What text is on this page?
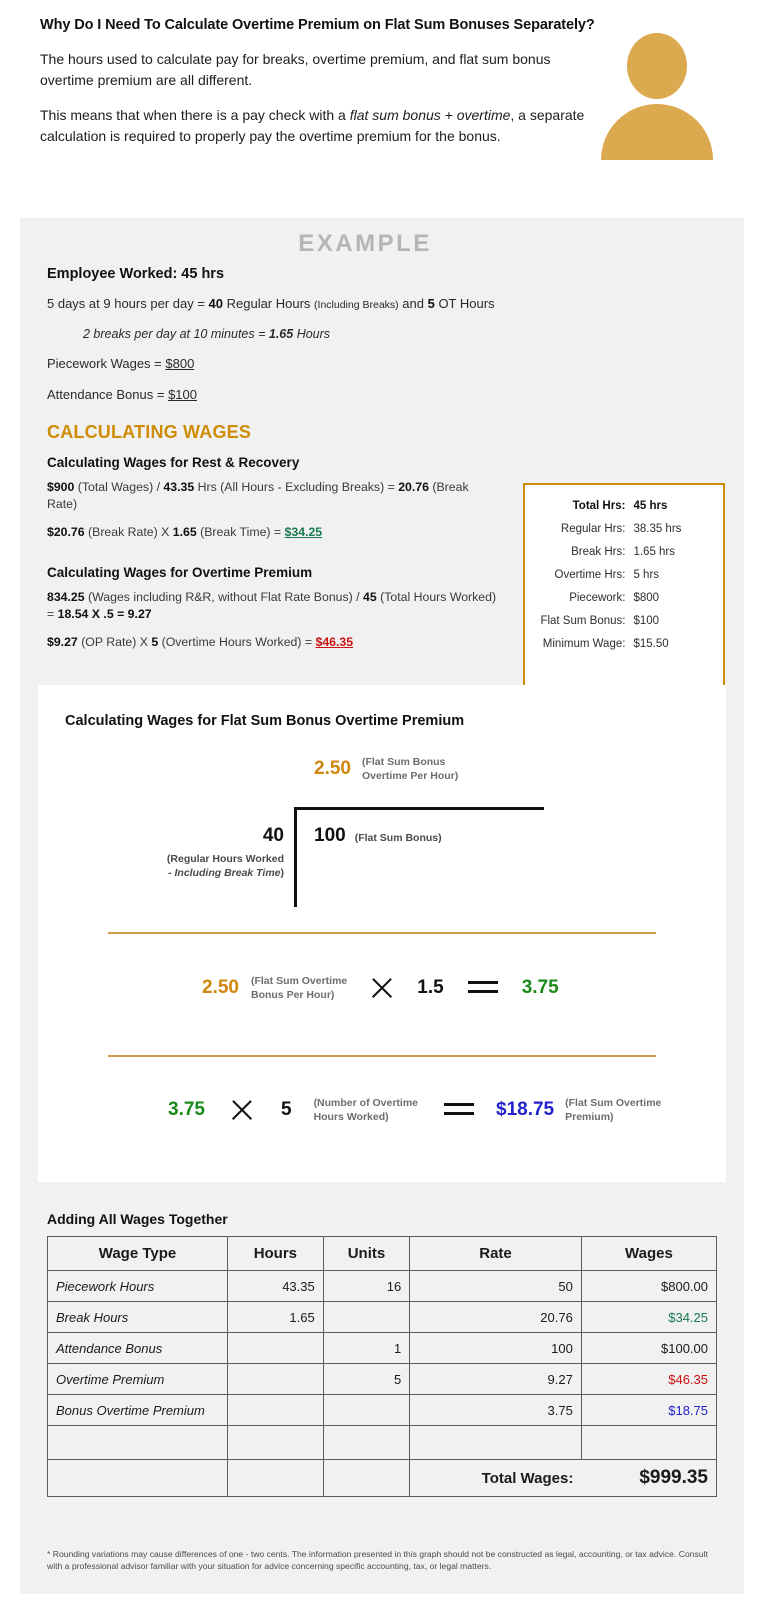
Why Do I Need To Calculate Overtime Premium on Flat Sum Bonuses Separately?

The hours used to calculate pay for breaks, overtime premium, and flat sum bonus overtime premium are all different.

This means that when there is a pay check with a flat sum bonus + overtime, a separate calculation is required to properly pay the overtime premium for the bonus.

EXAMPLE
Employee Worked: 45 hrs

5 days at 9 hours per day = 40 Regular Hours (Including Breaks) and 5 OT Hours

2 breaks per day at 10 minutes = 1.65 Hours

Piecework Wages = $800

Attendance Bonus = $100

CALCULATING WAGES
Calculating Wages for Rest & Recovery

$900 (Total Wages) / 43.35 Hrs (All Hours - Excluding Breaks) = 20.76 (Break Rate)

$20.76 (Break Rate) X 1.65 (Break Time) = $34.25

Calculating Wages for Overtime Premium

834.25 (Wages including R&R, without Flat Rate Bonus) / 45 (Total Hours Worked) = 18.54 X .5 = 9.27

$9.27 (OP Rate) X 5 (Overtime Hours Worked) = $46.35

Total Hrs:	45 hrs
Regular Hrs:	38.35 hrs
Break Hrs:	1.65 hrs
Overtime Hrs:	5 hrs
Piecework:	$800
Flat Sum Bonus:	$100
Minimum Wage:	$15.50
Calculating Wages for Flat Sum Bonus Overtime Premium
2.50 (Flat Sum Bonus
Overtime Per Hour)
40
(Regular Hours Worked
- Including Break Time)
100 (Flat Sum Bonus)
2.50 (Flat Sum Overtime
Bonus Per Hour)	1.5	3.75
3.75	5 (Number of Overtime
Hours Worked)	$18.75 (Flat Sum Overtime
Premium)
Adding All Wages Together
Wage Type	Hours	Units	Rate	Wages
Piecework Hours	43.35	16	50	$800.00
Break Hours	1.65		20.76	$34.25
Attendance Bonus		1	100	$100.00
Overtime Premium		5	9.27	$46.35
Bonus Overtime Premium			3.75	$18.75

			Total Wages:	$999.35
* Rounding variations may cause differences of one - two cents. The information presented in this graph should not be constructed as legal, accounting, or tax advice. Consult with a professional advisor familiar with your situation for advice concerning specific accounting, tax, or legal matters.
